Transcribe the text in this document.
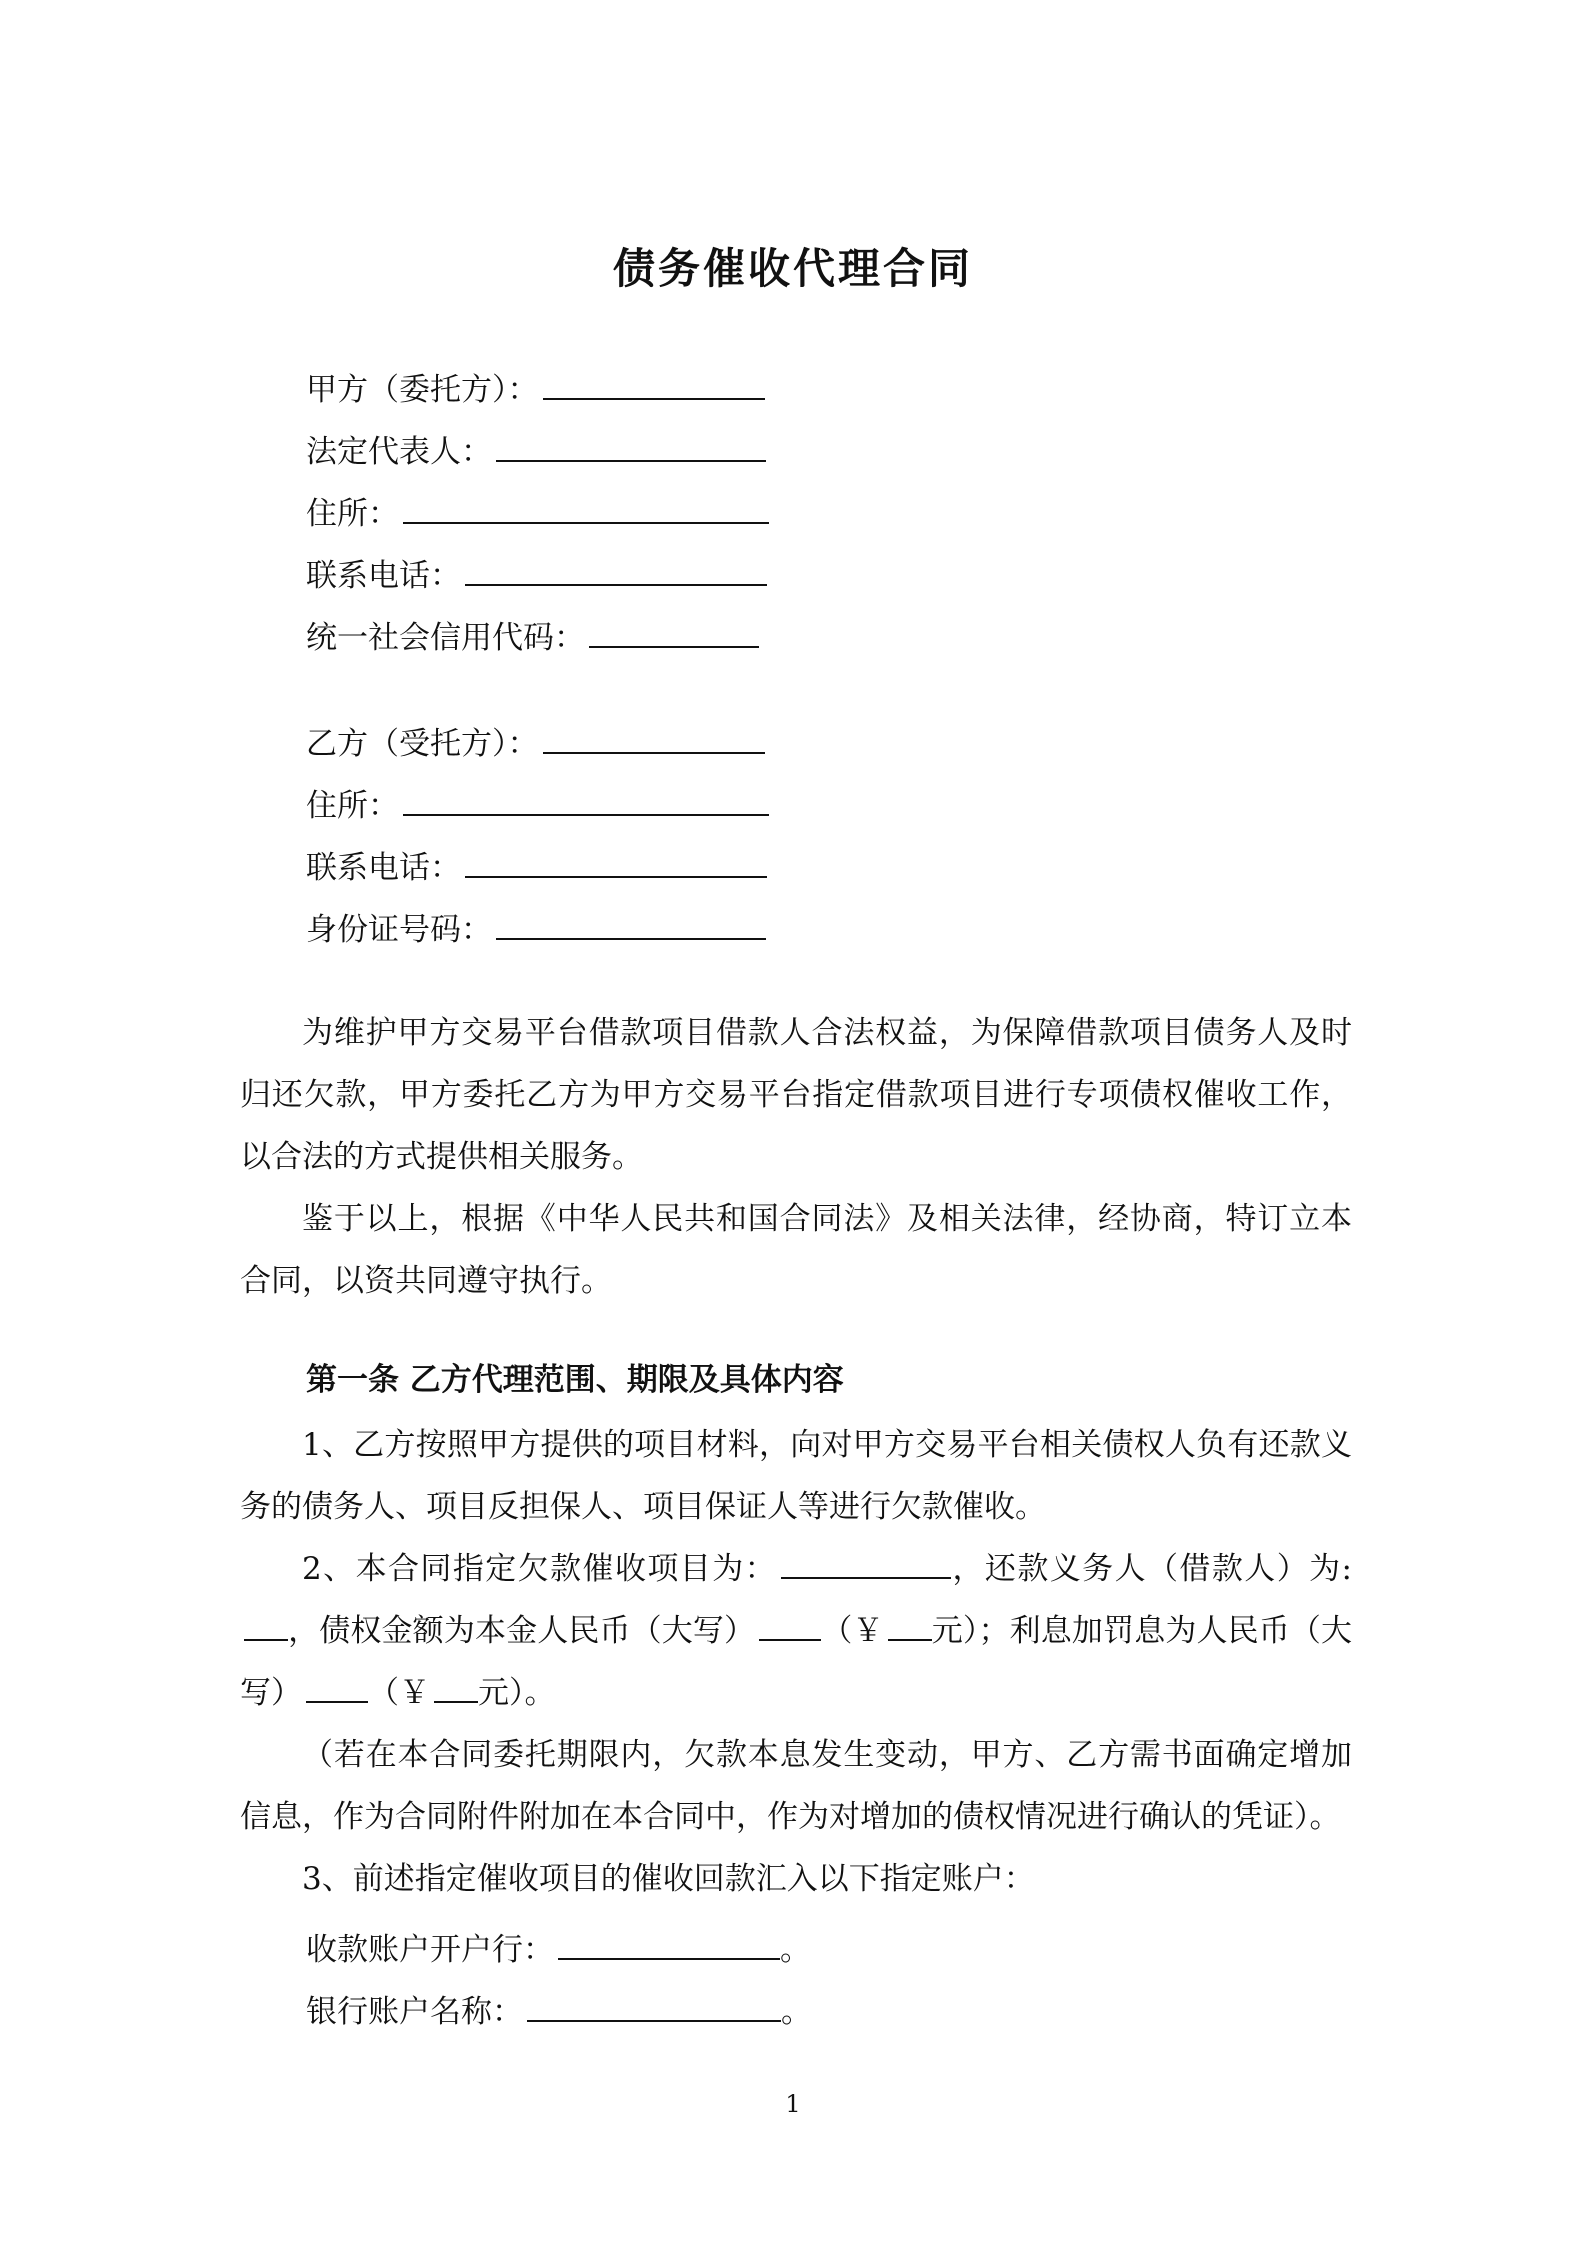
债务催收代理合同
甲方（委托方）：
法定代表人：
住所：
联系电话：
统一社会信用代码：
乙方（受托方）：
住所：
联系电话：
身份证号码：
为维护甲方交易平台借款项目借款人合法权益，为保障借款项目债务人及时归还欠款，甲方委托乙方为甲方交易平台指定借款项目进行专项债权催收工作，以合法的方式提供相关服务。
鉴于以上，根据《中华人民共和国合同法》及相关法律，经协商，特订立本合同，以资共同遵守执行。
第一条 乙方代理范围、期限及具体内容
1、乙方按照甲方提供的项目材料，向对甲方交易平台相关债权人负有还款义务的债务人、项目反担保人、项目保证人等进行欠款催收。
2、本合同指定欠款催收项目为：	，还款义务人（借款人）为:，债权金额为本金人民币（大写） （￥ 元）；利息加罚息为人民币（大写） （￥ 元）。
（若在本合同委托期限内，欠款本息发生变动，甲方、乙方需书面确定增加信息，作为合同附件附加在本合同中，作为对增加的债权情况进行确认的凭证）。
3、前述指定催收项目的催收回款汇入以下指定账户：
收款账户开户行：	。
银行账户名称：	。
1
